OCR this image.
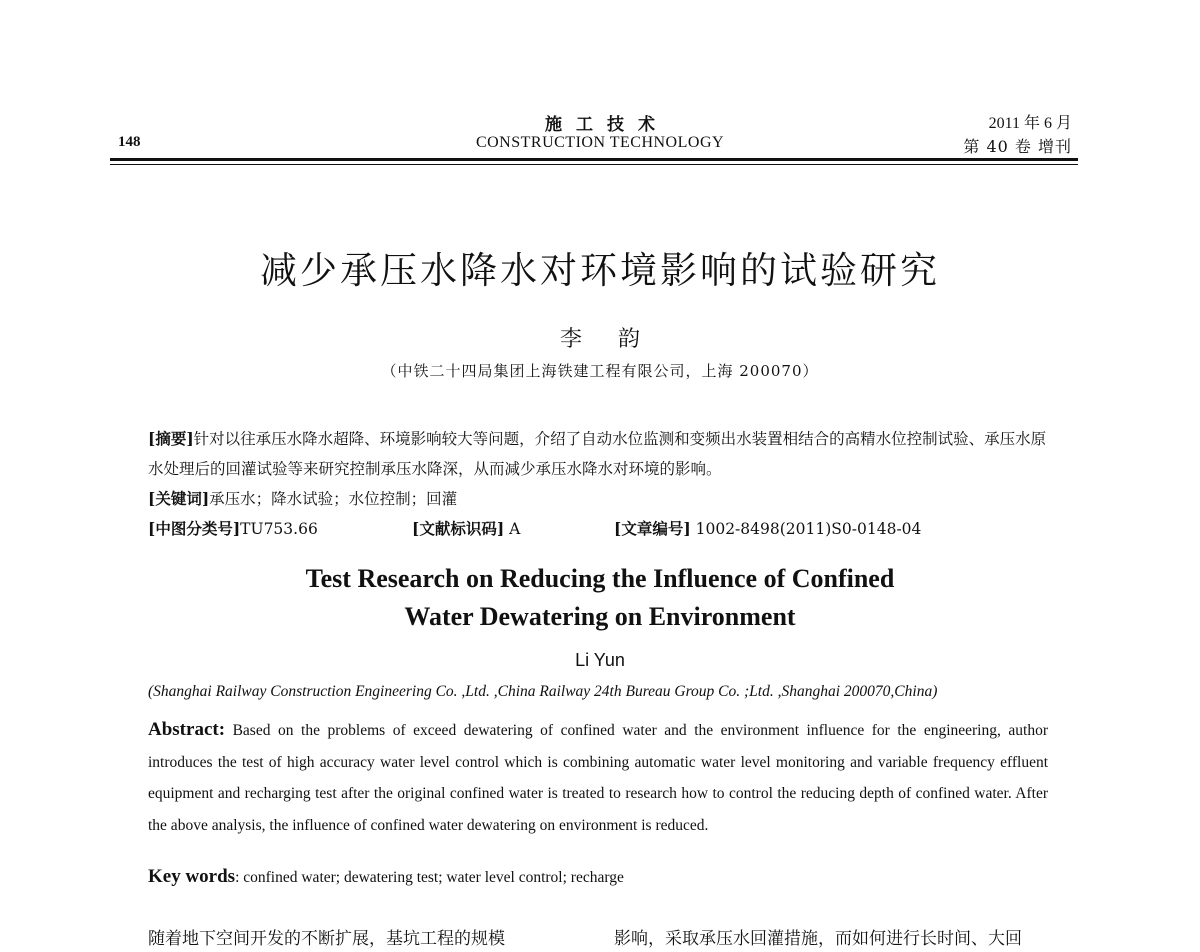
148
施工技术
CONSTRUCTION TECHNOLOGY
2011 年 6 月
第 40 卷 增刊
减少承压水降水对环境影响的试验研究
李韵
（中铁二十四局集团上海铁建工程有限公司，上海 200070）
[摘要]针对以往承压水降水超降、环境影响较大等问题，介绍了自动水位监测和变频出水装置相结合的高精水位控制试验、承压水原水处理后的回灌试验等来研究控制承压水降深，从而减少承压水降水对环境的影响。
[关键词]承压水；降水试验；水位控制；回灌
[中图分类号]TU753.66	[文献标识码] A	[文章编号] 1002-8498(2011)S0-0148-04
Test Research on Reducing the Influence of Confined
Water Dewatering on Environment
Li Yun
(Shanghai Railway Construction Engineering Co. ,Ltd. ,China Railway 24th Bureau Group Co. ;Ltd. ,Shanghai 200070,China)
Abstract: Based on the problems of exceed dewatering of confined water and the environment influence for the engineering, author introduces the test of high accuracy water level control which is combining automatic water level monitoring and variable frequency effluent equipment and recharging test after the original confined water is treated to research how to control the reducing depth of confined water. After the above analysis, the influence of confined water dewatering on environment is reduced.
Key words: confined water; dewatering test; water level control; recharge
随着地下空间开发的不断扩展，基坑工程的规模	影响，采取承压水回灌措施，而如何进行长时间、大回
